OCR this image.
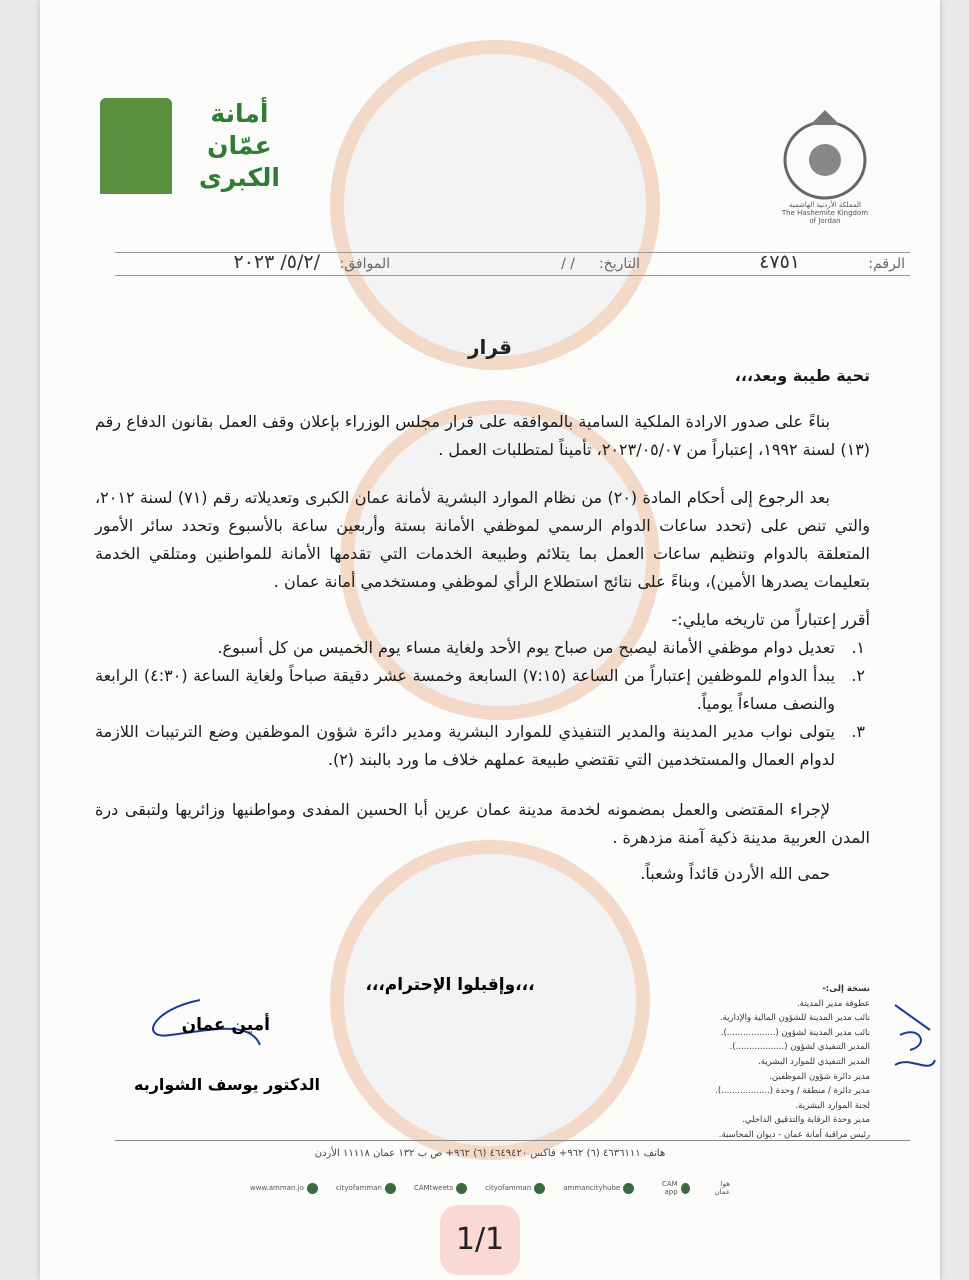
أمانة
عمّان
الكبرى
المملكة الأردنية الهاشمية
The Hashemite Kingdom of Jordan
الرقم:
٤٧٥١
التاريخ:
/ /
الموافق:
/٥/٢/ ٢٠٢٣
قرار
تحية طيبة وبعد،،،

بناءً على صدور الارادة الملكية السامية بالموافقه على قرار مجلس الوزراء بإعلان وقف العمل بقانون الدفاع رقم (١٣) لسنة ١٩٩٢، إعتباراً من ٢٠٢٣/٠٥/٠٧، تأميناً لمتطلبات العمل .

بعد الرجوع إلى أحكام المادة (٢٠) من نظام الموارد البشرية لأمانة عمان الكبرى وتعديلاته رقم (٧١) لسنة ٢٠١٢، والتي تنص على (تحدد ساعات الدوام الرسمي لموظفي الأمانة بستة وأربعين ساعة بالأسبوع وتحدد سائر الأمور المتعلقة بالدوام وتنظيم ساعات العمل بما يتلائم وطبيعة الخدمات التي تقدمها الأمانة للمواطنين ومتلقي الخدمة بتعليمات يصدرها الأمين)، وبناءً على نتائج استطلاع الرأي لموظفي ومستخدمي أمانة عمان .

أقرر إعتباراً من تاريخه مايلي:-
١.
تعديل دوام موظفي الأمانة ليصبح من صباح يوم الأحد ولغاية مساء يوم الخميس من كل أسبوع.
٢.
يبدأ الدوام للموظفين إعتباراً من الساعة (٧:١٥) السابعة وخمسة عشر دقيقة صباحاً ولغاية الساعة (٤:٣٠) الرابعة والنصف مساءاً يومياً.
٣.
يتولى نواب مدير المدينة والمدير التنفيذي للموارد البشرية ومدير دائرة شؤون الموظفين وضع الترتيبات اللازمة لدوام العمال والمستخدمين التي تقتضي طبيعة عملهم خلاف ما ورد بالبند (٢).

لإجراء المقتضى والعمل بمضمونه لخدمة مدينة عمان عرين أبا الحسين المفدى ومواطنيها وزائريها ولتبقى درة المدن العربية مدينة ذكية آمنة مزدهرة .

حمى الله الأردن قائداً وشعباً.

،،،وإقبلوا الإحترام،،،
أمين عمان
الدكتور يوسف الشواربه
نسخة إلى:-
عطوفة مدير المدينة.
نائب مدير المدينة للشؤون المالية والإدارية.
نائب مدير المدينة لشؤون (..................).
المدير التنفيذي لشؤون (..................).
المدير التنفيذي للموارد البشرية.
مدير دائرة شؤون الموظفين.
مدير دائرة / منطقة / وحدة (..................).
لجنة الموارد البشرية.
مدير وحدة الرقابة والتدقيق الداخلي.
رئيس مراقبة أمانة عمان - ديوان المحاسبة.
هاتف ٤٦٣٦١١١ (٦) ٩٦٢+ فاكس ٤٦٤٩٤٢٠ (٦) ٩٦٢+ ص ب ١٣٢ عمان ١١١١٨ الأردن
1/1
هوا عمان
CAM app
ammancityhube
cityofamman
CAMtweets
cityofamman
www.amman.jo
